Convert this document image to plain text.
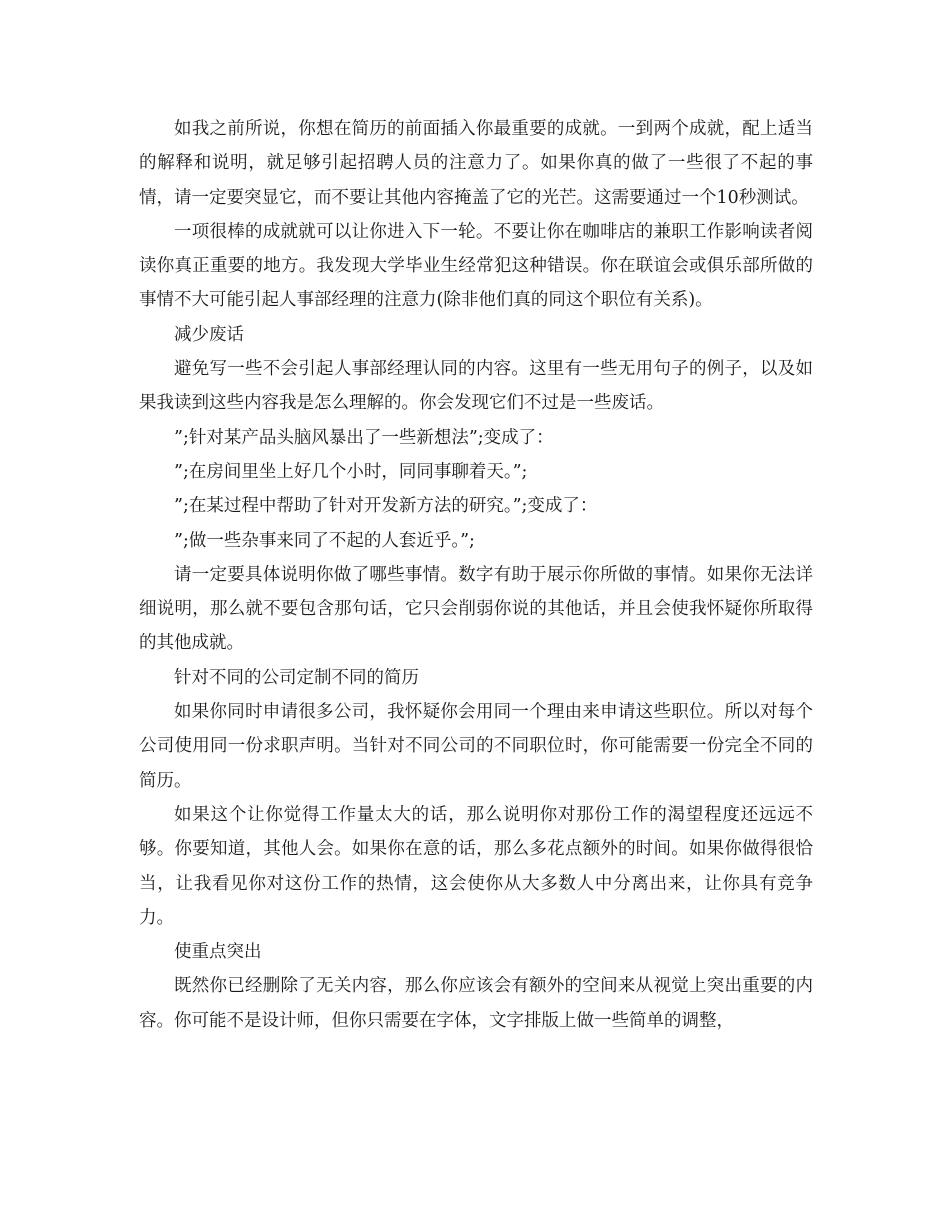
如我之前所说，你想在简历的前面插入你最重要的成就。一到两个成就，配上适当的解释和说明，就足够引起招聘人员的注意力了。如果你真的做了一些很了不起的事情，请一定要突显它，而不要让其他内容掩盖了它的光芒。这需要通过一个10秒测试。

一项很棒的成就就可以让你进入下一轮。不要让你在咖啡店的兼职工作影响读者阅读你真正重要的地方。我发现大学毕业生经常犯这种错误。你在联谊会或俱乐部所做的事情不大可能引起人事部经理的注意力(除非他们真的同这个职位有关系)。

减少废话

避免写一些不会引起人事部经理认同的内容。这里有一些无用句子的例子，以及如果我读到这些内容我是怎么理解的。你会发现它们不过是一些废话。

”;针对某产品头脑风暴出了一些新想法”;变成了：

”;在房间里坐上好几个小时，同同事聊着天。”;

”;在某过程中帮助了针对开发新方法的研究。”;变成了：

”;做一些杂事来同了不起的人套近乎。”;

请一定要具体说明你做了哪些事情。数字有助于展示你所做的事情。如果你无法详细说明，那么就不要包含那句话，它只会削弱你说的其他话，并且会使我怀疑你所取得的其他成就。

针对不同的公司定制不同的简历

如果你同时申请很多公司，我怀疑你会用同一个理由来申请这些职位。所以对每个公司使用同一份求职声明。当针对不同公司的不同职位时，你可能需要一份完全不同的简历。

如果这个让你觉得工作量太大的话，那么说明你对那份工作的渴望程度还远远不够。你要知道，其他人会。如果你在意的话，那么多花点额外的时间。如果你做得很恰当，让我看见你对这份工作的热情，这会使你从大多数人中分离出来，让你具有竞争力。

使重点突出

既然你已经删除了无关内容，那么你应该会有额外的空间来从视觉上突出重要的内容。你可能不是设计师，但你只需要在字体，文字排版上做一些简单的调整，
